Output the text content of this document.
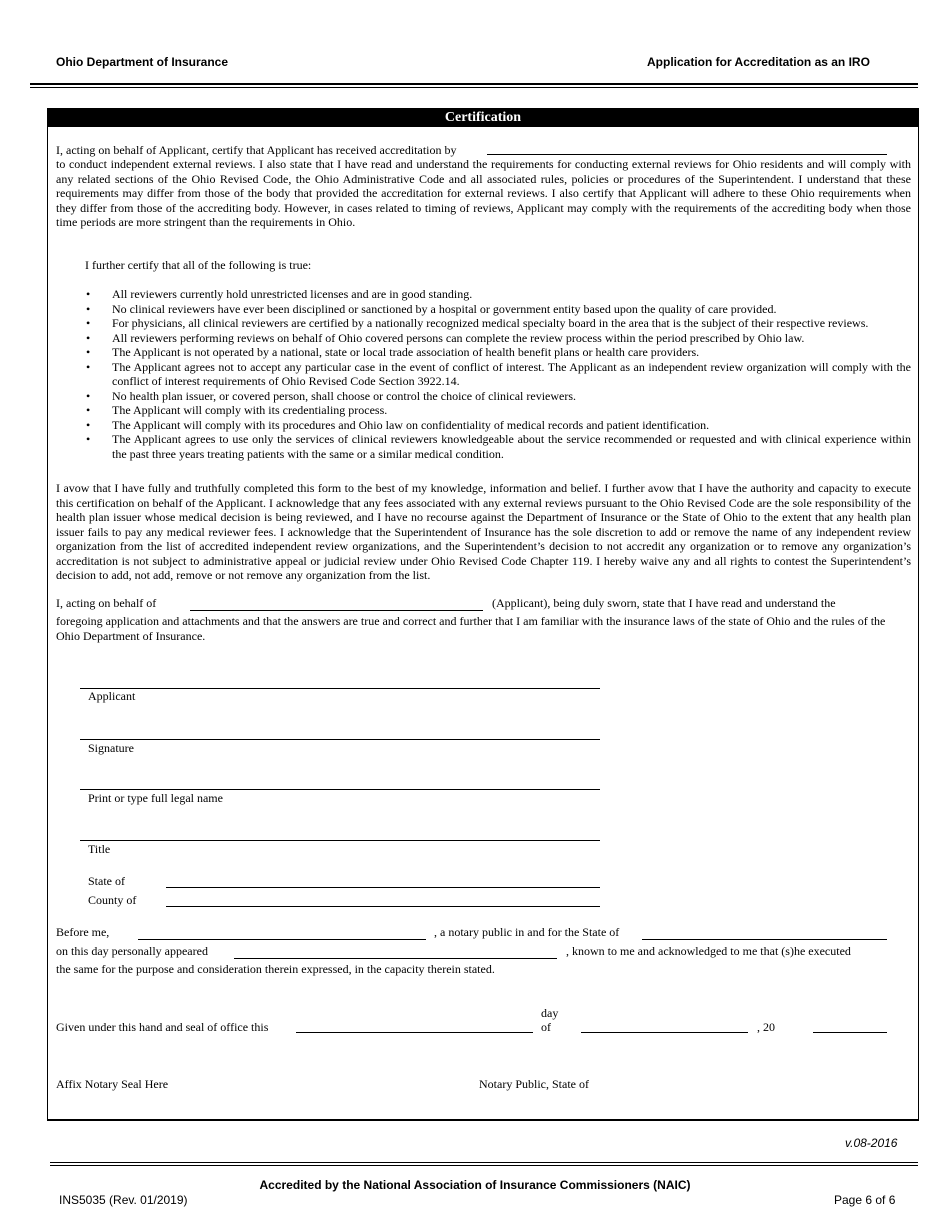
Ohio Department of Insurance	Application for Accreditation as an IRO
Certification
I, acting on behalf of Applicant, certify that Applicant has received accreditation by
to conduct independent external reviews. I also state that I have read and understand the requirements for conducting external reviews for Ohio residents and will comply with any related sections of the Ohio Revised Code, the Ohio Administrative Code and all associated rules, policies or procedures of the Superintendent. I understand that these requirements may differ from those of the body that provided the accreditation for external reviews. I also certify that Applicant will adhere to these Ohio requirements when they differ from those of the accrediting body. However, in cases related to timing of reviews, Applicant may comply with the requirements of the accrediting body when those time periods are more stringent than the requirements in Ohio.
I further certify that all of the following is true:
• All reviewers currently hold unrestricted licenses and are in good standing.
• No clinical reviewers have ever been disciplined or sanctioned by a hospital or government entity based upon the quality of care provided.
• For physicians, all clinical reviewers are certified by a nationally recognized medical specialty board in the area that is the subject of their respective reviews.
• All reviewers performing reviews on behalf of Ohio covered persons can complete the review process within the period prescribed by Ohio law.
• The Applicant is not operated by a national, state or local trade association of health benefit plans or health care providers.
• The Applicant agrees not to accept any particular case in the event of conflict of interest. The Applicant as an independent review organization will comply with the conflict of interest requirements of Ohio Revised Code Section 3922.14.
• No health plan issuer, or covered person, shall choose or control the choice of clinical reviewers.
• The Applicant will comply with its credentialing process.
• The Applicant will comply with its procedures and Ohio law on confidentiality of medical records and patient identification.
• The Applicant agrees to use only the services of clinical reviewers knowledgeable about the service recommended or requested and with clinical experience within the past three years treating patients with the same or a similar medical condition.
I avow that I have fully and truthfully completed this form to the best of my knowledge, information and belief. I further avow that I have the authority and capacity to execute this certification on behalf of the Applicant. I acknowledge that any fees associated with any external reviews pursuant to the Ohio Revised Code are the sole responsibility of the health plan issuer whose medical decision is being reviewed, and I have no recourse against the Department of Insurance or the State of Ohio to the extent that any health plan issuer fails to pay any medical reviewer fees. I acknowledge that the Superintendent of Insurance has the sole discretion to add or remove the name of any independent review organization from the list of accredited independent review organizations, and the Superintendent’s decision to not accredit any organization or to remove any organization’s accreditation is not subject to administrative appeal or judicial review under Ohio Revised Code Chapter 119. I hereby waive any and all rights to contest the Superintendent’s decision to add, not add, remove or not remove any organization from the list.
I, acting on behalf of	(Applicant), being duly sworn, state that I have read and understand the
foregoing application and attachments and that the answers are true and correct and further that I am familiar with the insurance laws of the state of Ohio and the rules of the Ohio Department of Insurance.
Applicant
Signature
Print or type full legal name
Title
State of
County of
Before me,	, a notary public in and for the State of
on this day personally appeared	, known to me and acknowledged to me that (s)he executed
the same for the purpose and consideration therein expressed, in the capacity therein stated.
day
Given under this hand and seal of office this	of	, 20
Affix Notary Seal Here	Notary Public, State of
v.08-2016
Accredited by the National Association of Insurance Commissioners (NAIC)
INS5035 (Rev. 01/2019)	Page 6 of 6
